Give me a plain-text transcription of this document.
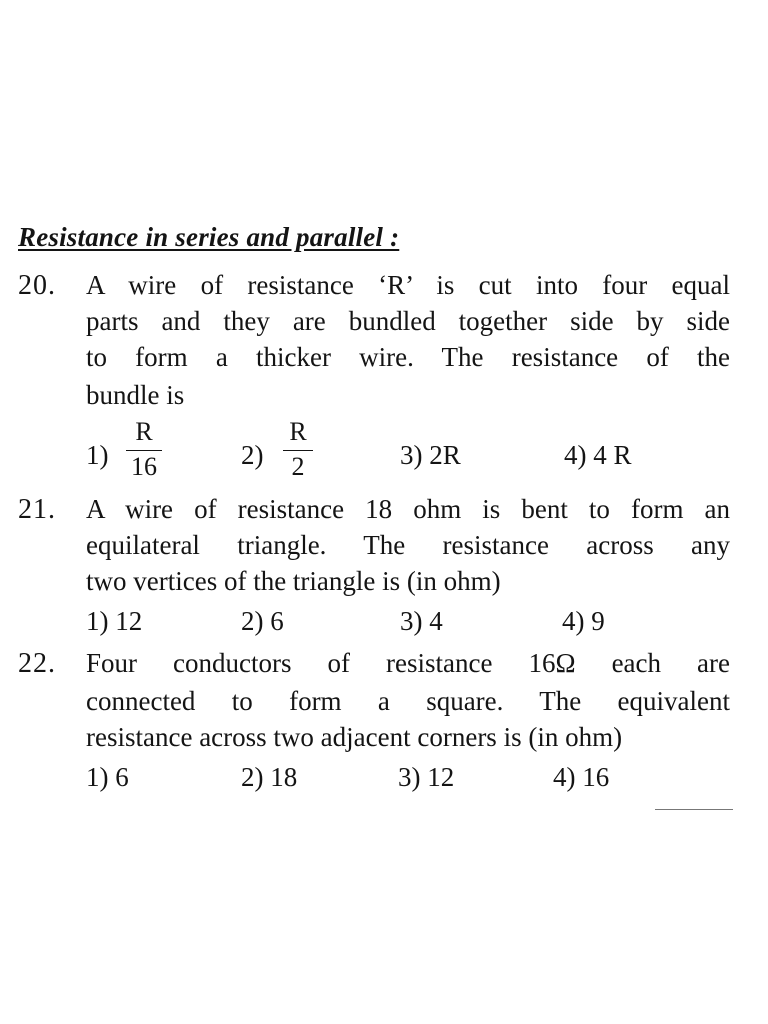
Resistance in series and parallel :
20. A wire of resistance ‘R’ is cut into four equal
parts and they are bundled together side by side
to form a thicker wire. The resistance of the
bundle is
1)
R
16	2)
R
2	3) 2R	4) 4 R
21. A wire of resistance 18 ohm is bent to form an
equilateral triangle. The resistance across any
two vertices of the triangle is (in ohm)
1) 12	2) 6	3) 4	4) 9
22. Four conductors of resistance 16Ω each are
connected to form a square. The equivalent
resistance across two adjacent corners is (in ohm)
1) 6	2) 18	3) 12	4) 16
